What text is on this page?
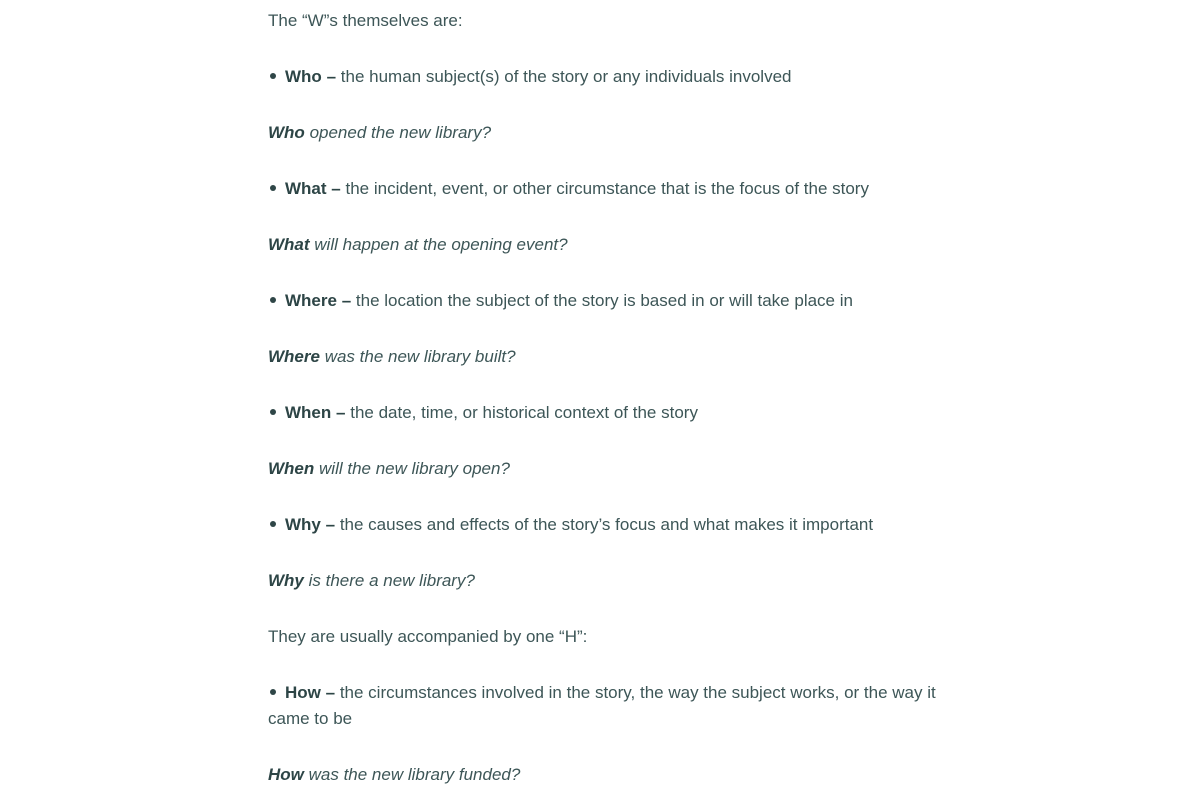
The “W”s themselves are:

Who – the human subject(s) of the story or any individuals involved

Who opened the new library?

What – the incident, event, or other circumstance that is the focus of the story

What will happen at the opening event?

Where – the location the subject of the story is based in or will take place in

Where was the new library built?

When – the date, time, or historical context of the story

When will the new library open?

Why – the causes and effects of the story’s focus and what makes it important

Why is there a new library?

They are usually accompanied by one “H”:

How – the circumstances involved in the story, the way the subject works, or the way it came to be

How was the new library funded?
